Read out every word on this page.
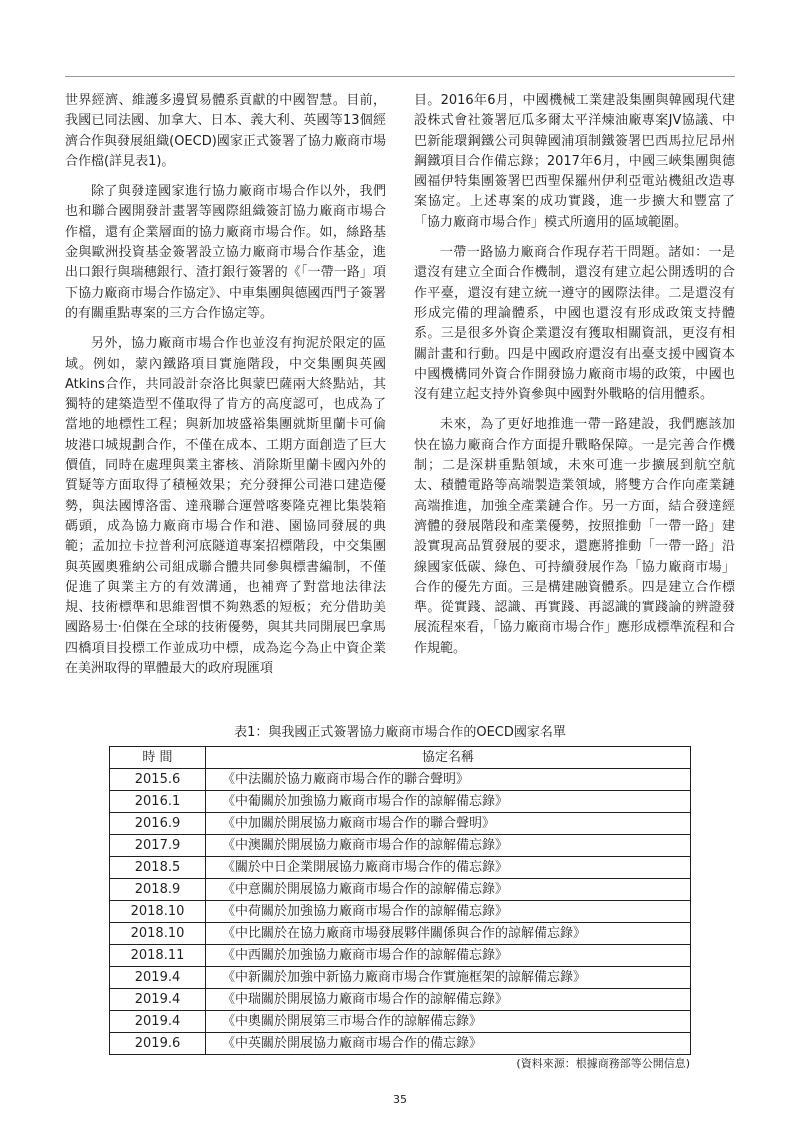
世界經濟、維護多邊貿易體系貢獻的中國智慧。目前，我國已同法國、加拿大、日本、義大利、英國等13個經濟合作與發展組織(OECD)國家正式簽署了協力廠商市場合作檔(詳見表1)。

除了與發達國家進行協力廠商市場合作以外，我們也和聯合國開發計畫署等國際組織簽訂協力廠商市場合作檔，還有企業層面的協力廠商市場合作。如，絲路基金與歐洲投資基金簽署設立協力廠商市場合作基金，進出口銀行與瑞穗銀行、渣打銀行簽署的《「一帶一路」項下協力廠商市場合作協定》、中車集團與德國西門子簽署的有關重點專案的三方合作協定等。

另外，協力廠商市場合作也並沒有拘泥於限定的區域。例如，蒙內鐵路項目實施階段，中交集團與英國Atkins合作，共同設計奈洛比與蒙巴薩兩大終點站，其獨特的建築造型不僅取得了肯方的高度認可，也成為了當地的地標性工程；與新加坡盛裕集團就斯里蘭卡可倫坡港口城規劃合作，不僅在成本、工期方面創造了巨大價值，同時在處理與業主審核、消除斯里蘭卡國內外的質疑等方面取得了積極效果；充分發揮公司港口建造優勢，與法國博洛雷、達飛聯合運營喀麥隆克裡比集裝箱碼頭，成為協力廠商市場合作和港、園協同發展的典範；孟加拉卡拉普利河底隧道專案招標階段，中交集團與英國奧雅納公司組成聯合體共同參與標書編制，不僅促進了與業主方的有效溝通，也補齊了對當地法律法規、技術標準和思維習慣不夠熟悉的短板；充分借助美國路易士·伯傑在全球的技術優勢，與其共同開展巴拿馬四橋項目投標工作並成功中標，成為迄今為止中資企業在美洲取得的單體最大的政府現匯項

目。2016年6月，中國機械工業建設集團與韓國現代建設株式會社簽署厄瓜多爾太平洋煉油廠專案JV協議、中巴新能環鋼鐵公司與韓國浦項制鐵簽署巴西馬拉尼昂州鋼鐵項目合作備忘錄；2017年6月，中國三峽集團與德國福伊特集團簽署巴西聖保羅州伊利亞電站機組改造專案協定。上述專案的成功實踐，進一步擴大和豐富了「協力廠商市場合作」模式所適用的區域範圍。

一帶一路協力廠商合作現存若干問題。諸如：一是還沒有建立全面合作機制，還沒有建立起公開透明的合作平臺，還沒有建立統一遵守的國際法律。二是還沒有形成完備的理論體系，中國也還沒有形成政策支持體系。三是很多外資企業還沒有獲取相關資訊，更沒有相關計畫和行動。四是中國政府還沒有出臺支援中國資本中國機構同外資合作開發協力廠商市場的政策，中國也沒有建立起支持外資參與中國對外戰略的信用體系。

未來，為了更好地推進一帶一路建設，我們應該加快在協力廠商合作方面提升戰略保障。一是完善合作機制；二是深耕重點領域，未來可進一步擴展到航空航太、積體電路等高端製造業領域，將雙方合作向產業鏈高端推進，加強全產業鏈合作。另一方面，結合發達經濟體的發展階段和產業優勢，按照推動「一帶一路」建設實現高品質發展的要求，還應將推動「一帶一路」沿線國家低碳、綠色、可持續發展作為「協力廠商市場」合作的優先方面。三是構建融資體系。四是建立合作標準。從實踐、認識、再實踐、再認識的實踐論的辨證發展流程來看，「協力廠商市場合作」應形成標準流程和合作規範。

表1：與我國正式簽署協力廠商市場合作的OECD國家名單
時 間	協定名稱
2015.6	《中法關於協力廠商市場合作的聯合聲明》
2016.1	《中葡關於加強協力廠商市場合作的諒解備忘錄》
2016.9	《中加關於開展協力廠商市場合作的聯合聲明》
2017.9	《中澳關於開展協力廠商市場合作的諒解備忘錄》
2018.5	《關於中日企業開展協力廠商市場合作的備忘錄》
2018.9	《中意關於開展協力廠商市場合作的諒解備忘錄》
2018.10	《中荷關於加強協力廠商市場合作的諒解備忘錄》
2018.10	《中比關於在協力廠商市場發展夥伴關係與合作的諒解備忘錄》
2018.11	《中西關於加強協力廠商市場合作的諒解備忘錄》
2019.4	《中新關於加強中新協力廠商市場合作實施框架的諒解備忘錄》
2019.4	《中瑞關於開展協力廠商市場合作的諒解備忘錄》
2019.4	《中奧關於開展第三市場合作的諒解備忘錄》
2019.6	《中英關於開展協力廠商市場合作的備忘錄》
(資料來源：根據商務部等公開信息)
35
